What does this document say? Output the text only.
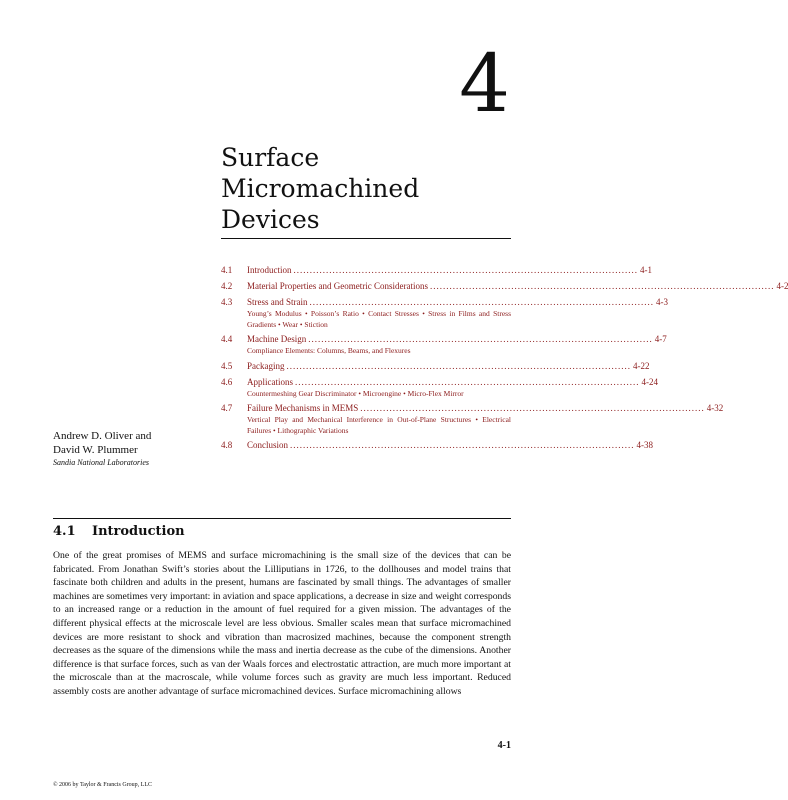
4
Surface
Micromachined
Devices
4.1	Introduction .......................................................................................................... 4-1
4.2	Material Properties and Geometric Considerations .......................................................................................................... 4-2
4.3	Stress and Strain .......................................................................................................... 4-3
Young’s Modulus • Poisson’s Ratio • Contact Stresses • Stress in Films and Stress Gradients • Wear • Stiction
4.4	Machine Design .......................................................................................................... 4-7
Compliance Elements: Columns, Beams, and Flexures
4.5	Packaging .......................................................................................................... 4-22
4.6	Applications .......................................................................................................... 4-24
Countermeshing Gear Discriminator • Microengine • Micro-Flex Mirror
4.7	Failure Mechanisms in MEMS .......................................................................................................... 4-32
Vertical Play and Mechanical Interference in Out-of-Plane Structures • Electrical Failures • Lithographic Variations
4.8	Conclusion .......................................................................................................... 4-38
Andrew D. Oliver and
David W. Plummer
Sandia National Laboratories
4.1 Introduction
One of the great promises of MEMS and surface micromachining is the small size of the devices that can be fabricated. From Jonathan Swift’s stories about the Lilliputians in 1726, to the dollhouses and model trains that fascinate both children and adults in the present, humans are fascinated by small things. The advantages of smaller machines are sometimes very important: in aviation and space applications, a decrease in size and weight corresponds to an increased range or a reduction in the amount of fuel required for a given mission. The advantages of the different physical effects at the microscale level are less obvious. Smaller scales mean that surface micromachined devices are more resistant to shock and vibration than macrosized machines, because the component strength decreases as the square of the dimensions while the mass and inertia decrease as the cube of the dimensions. Another difference is that surface forces, such as van der Waals forces and electrostatic attraction, are much more important at the microscale than at the macroscale, while volume forces such as gravity are much less important. Reduced assembly costs are another advantage of surface micromachined devices. Surface micromachining allows
4-1
© 2006 by Taylor & Francis Group, LLC
